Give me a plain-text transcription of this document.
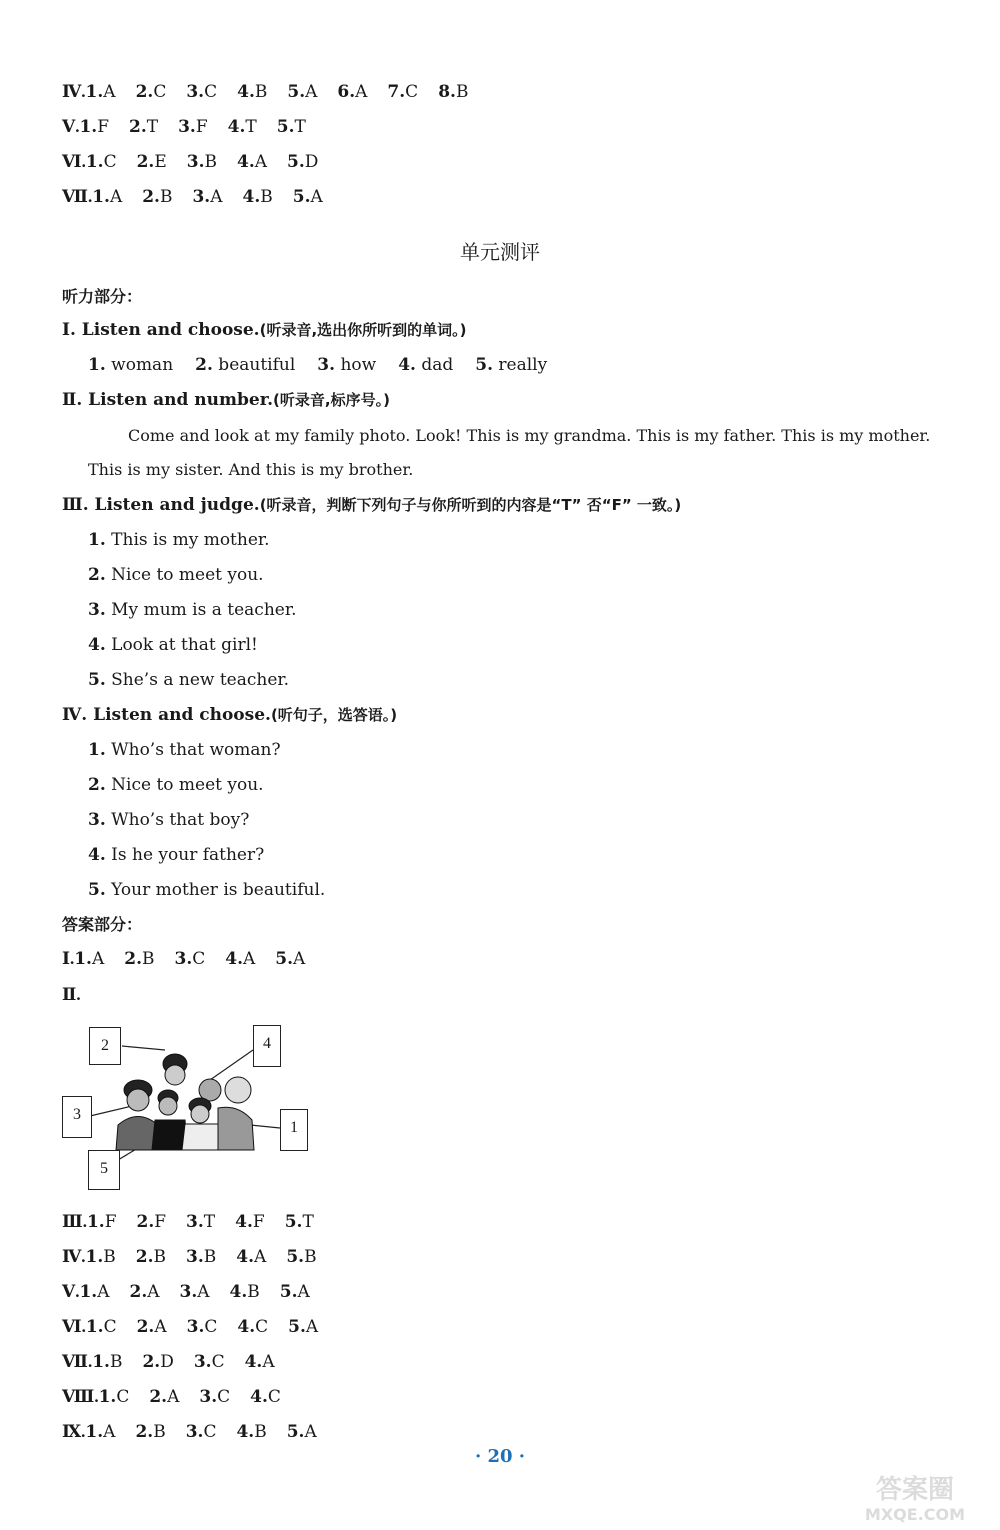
Ⅳ.1.A 2.C 3.C 4.B 5.A 6.A 7.C 8.B
Ⅴ.1.F 2.T 3.F 4.T 5.T
Ⅵ.1.C 2.E 3.B 4.A 5.D
Ⅶ.1.A 2.B 3.A 4.B 5.A
单元测评
听力部分：
Ⅰ. Listen and choose.(听录音,选出你所听到的单词。)
1. woman 2. beautiful 3. how 4. dad 5. really
Ⅱ. Listen and number.(听录音,标序号。)
Come and look at my family photo. Look! This is my grandma. This is my father. This is my mother.
This is my sister. And this is my brother.
Ⅲ. Listen and judge.(听录音，判断下列句子与你所听到的内容是“T” 否“F” 一致。)
1. This is my mother.
2. Nice to meet you.
3. My mum is a teacher.
4. Look at that girl!
5. She’s a new teacher.
Ⅳ. Listen and choose.(听句子，选答语。)
1. Who’s that woman?
2. Nice to meet you.
3. Who’s that boy?
4. Is he your father?
5. Your mother is beautiful.
答案部分：
Ⅰ.1.A 2.B 3.C 4.A 5.A
Ⅱ.
2	4
3
1
5
Ⅲ.1.F 2.F 3.T 4.F 5.T
Ⅳ.1.B 2.B 3.B 4.A 5.B
Ⅴ.1.A 2.A 3.A 4.B 5.A
Ⅵ.1.C 2.A 3.C 4.C 5.A
Ⅶ.1.B 2.D 3.C 4.A
Ⅷ.1.C 2.A 3.C 4.C
Ⅸ.1.A 2.B 3.C 4.B 5.A
· 20 ·
答案圈
MXQE.COM
